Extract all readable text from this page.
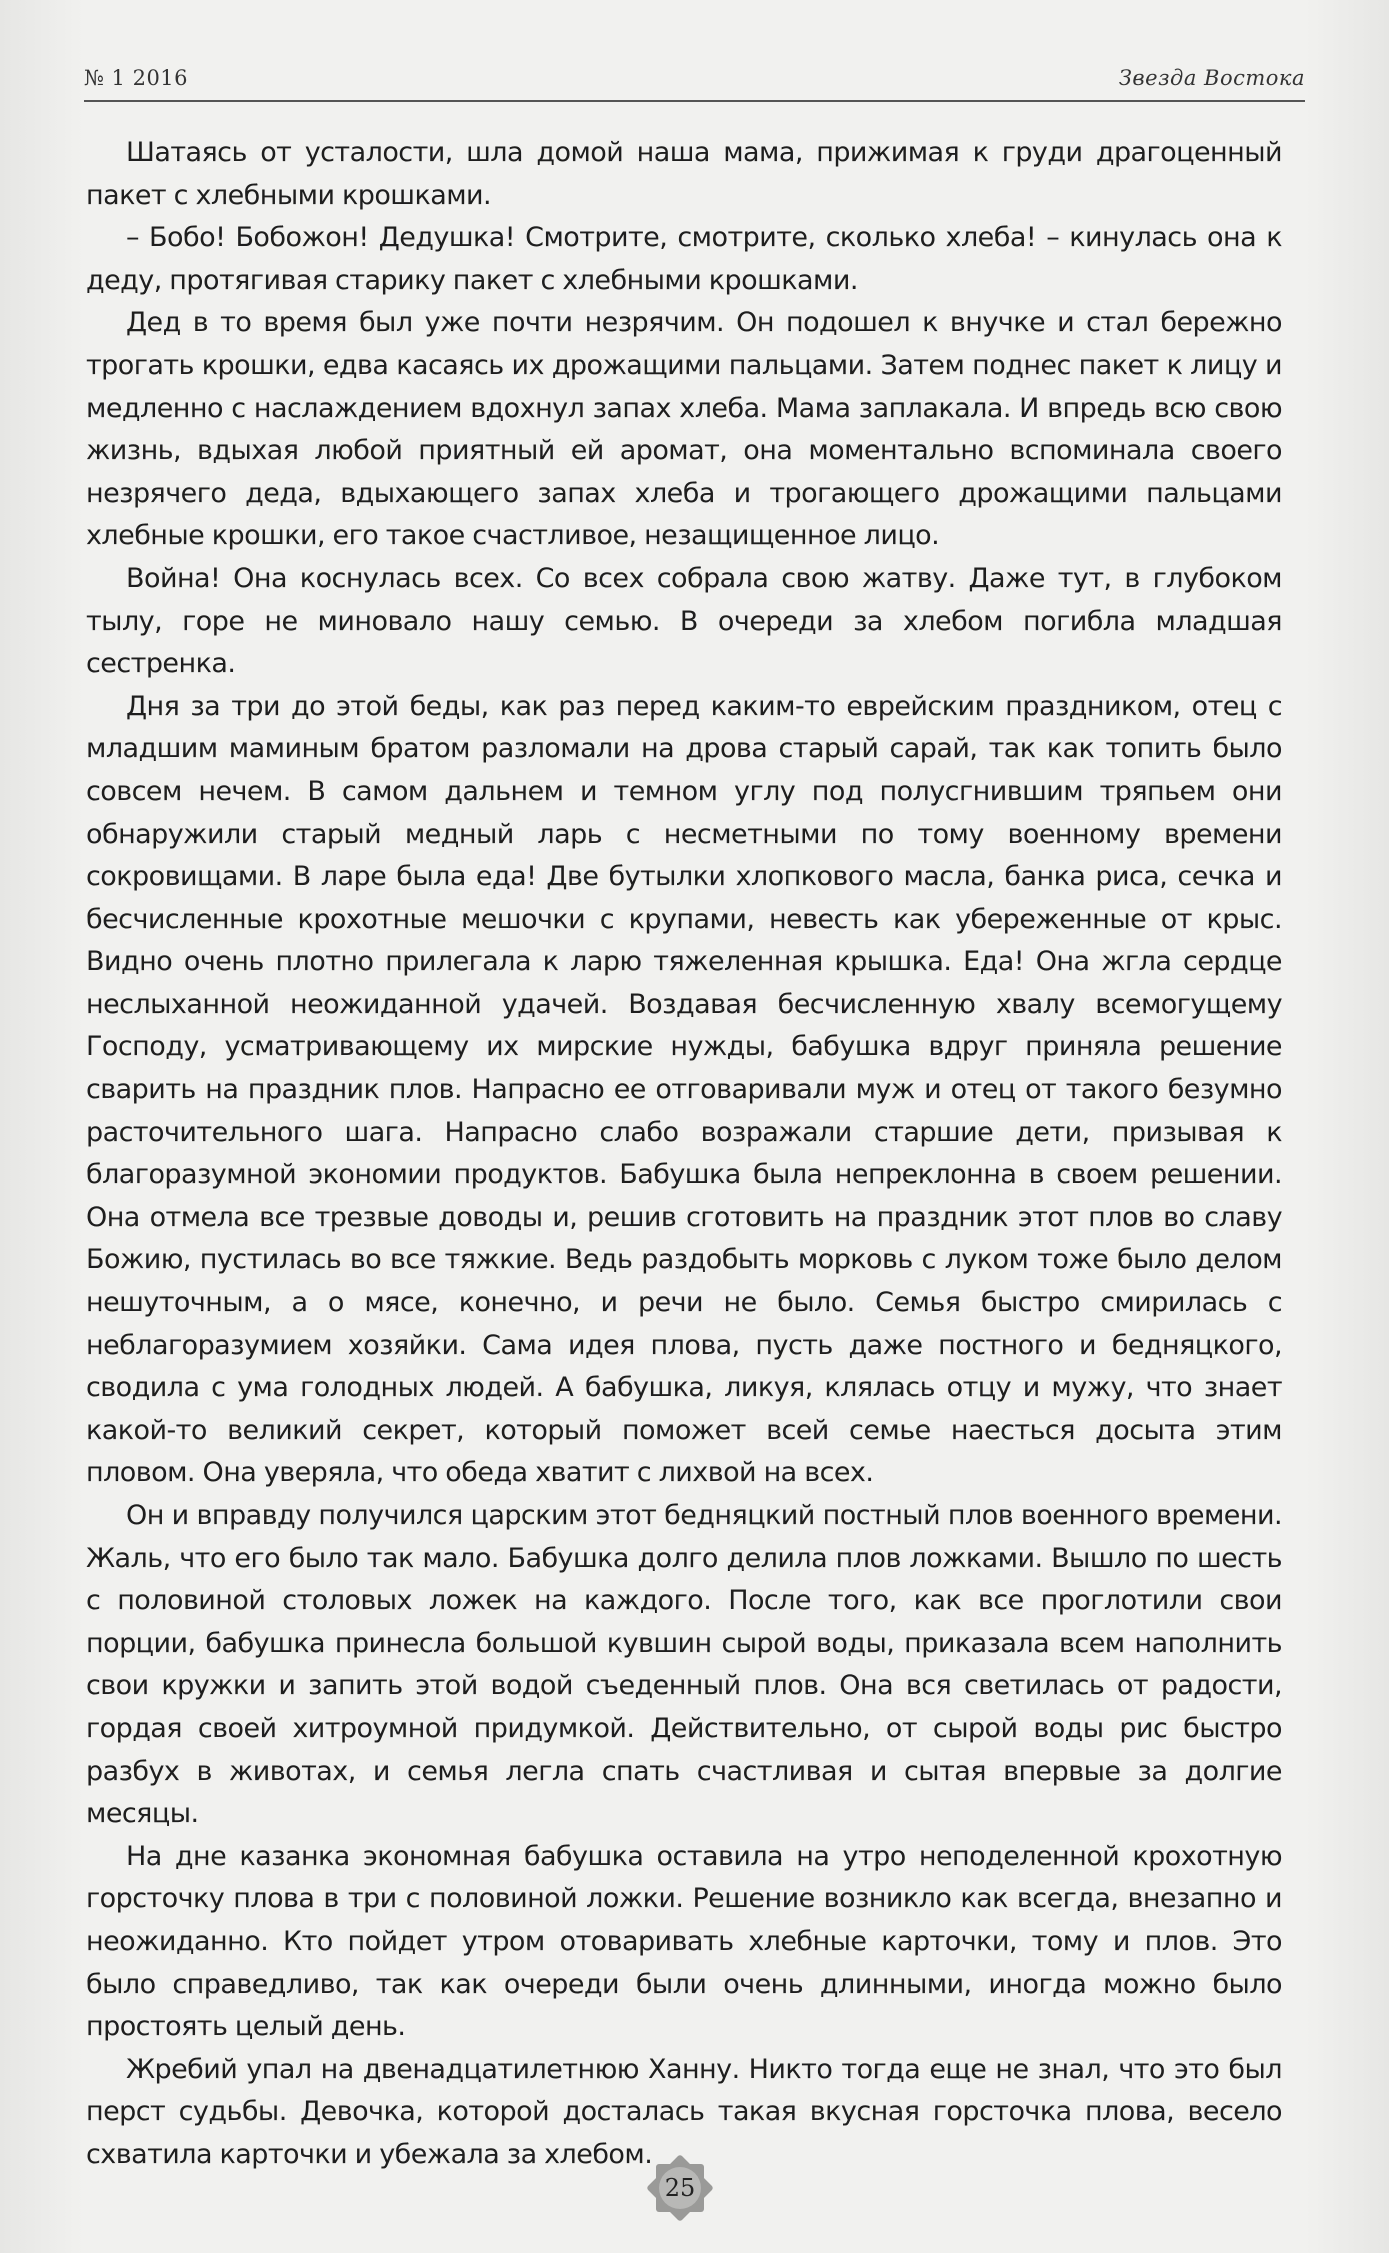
№ 1 2016	Звезда Востока

Шатаясь от усталости, шла домой наша мама, прижимая к груди драгоценный пакет с хлебными крошками.

– Бобо! Бобожон! Дедушка! Смотрите, смотрите, сколько хлеба! – кинулась она к деду, протягивая старику пакет с хлебными крошками.

Дед в то время был уже почти незрячим. Он подошел к внучке и стал бережно трогать крошки, едва касаясь их дрожащими пальцами. Затем поднес пакет к лицу и медленно с наслаждением вдохнул запах хлеба. Мама заплакала. И впредь всю свою жизнь, вдыхая любой приятный ей аромат, она моментально вспоминала своего незрячего деда, вдыхающего запах хлеба и трогающего дрожащими пальцами хлебные крошки, его такое счастливое, незащищенное лицо.

Война! Она коснулась всех. Со всех собрала свою жатву. Даже тут, в глубоком тылу, горе не миновало нашу семью. В очереди за хлебом погибла младшая сестренка.

Дня за три до этой беды, как раз перед каким-то еврейским праздником, отец с младшим маминым братом разломали на дрова старый сарай, так как топить было совсем нечем. В самом дальнем и темном углу под полусгнившим тряпьем они обнаружили старый медный ларь с несметными по тому военному времени сокровищами. В ларе была еда! Две бутылки хлопкового масла, банка риса, сечка и бесчисленные крохотные мешочки с крупами, невесть как убереженные от крыс. Видно очень плотно прилегала к ларю тяжеленная крышка. Еда! Она жгла сердце неслыханной неожиданной удачей. Воздавая бесчисленную хвалу всемогущему Господу, усматривающему их мирские нужды, бабушка вдруг приняла решение сварить на праздник плов. Напрасно ее отговаривали муж и отец от такого безумно расточительного шага. Напрасно слабо возражали старшие дети, призывая к благоразумной экономии продуктов. Бабушка была непреклонна в своем решении. Она отмела все трезвые доводы и, решив сготовить на праздник этот плов во славу Божию, пустилась во все тяжкие. Ведь раздобыть морковь с луком тоже было делом нешуточным, а о мясе, конечно, и речи не было. Семья быстро смирилась с неблагоразумием хозяйки. Сама идея плова, пусть даже постного и бедняцкого, сводила с ума голодных людей. А бабушка, ликуя, клялась отцу и мужу, что знает какой-то великий секрет, который поможет всей семье наесться досыта этим пловом. Она уверяла, что обеда хватит с лихвой на всех.

Он и вправду получился царским этот бедняцкий постный плов военного времени. Жаль, что его было так мало. Бабушка долго делила плов ложками. Вышло по шесть с половиной столовых ложек на каждого. После того, как все проглотили свои порции, бабушка принесла большой кувшин сырой воды, приказала всем наполнить свои кружки и запить этой водой съеденный плов. Она вся светилась от радости, гордая своей хитроумной придумкой. Действительно, от сырой воды рис быстро разбух в животах, и семья легла спать счастливая и сытая впервые за долгие месяцы.

На дне казанка экономная бабушка оставила на утро неподеленной крохотную горсточку плова в три с половиной ложки. Решение возникло как всегда, внезапно и неожиданно. Кто пойдет утром отоваривать хлебные карточки, тому и плов. Это было справедливо, так как очереди были очень длинными, иногда можно было простоять целый день.

Жребий упал на двенадцатилетнюю Ханну. Никто тогда еще не знал, что это был перст судьбы. Девочка, которой досталась такая вкусная горсточка плова, весело схватила карточки и убежала за хлебом.

25
